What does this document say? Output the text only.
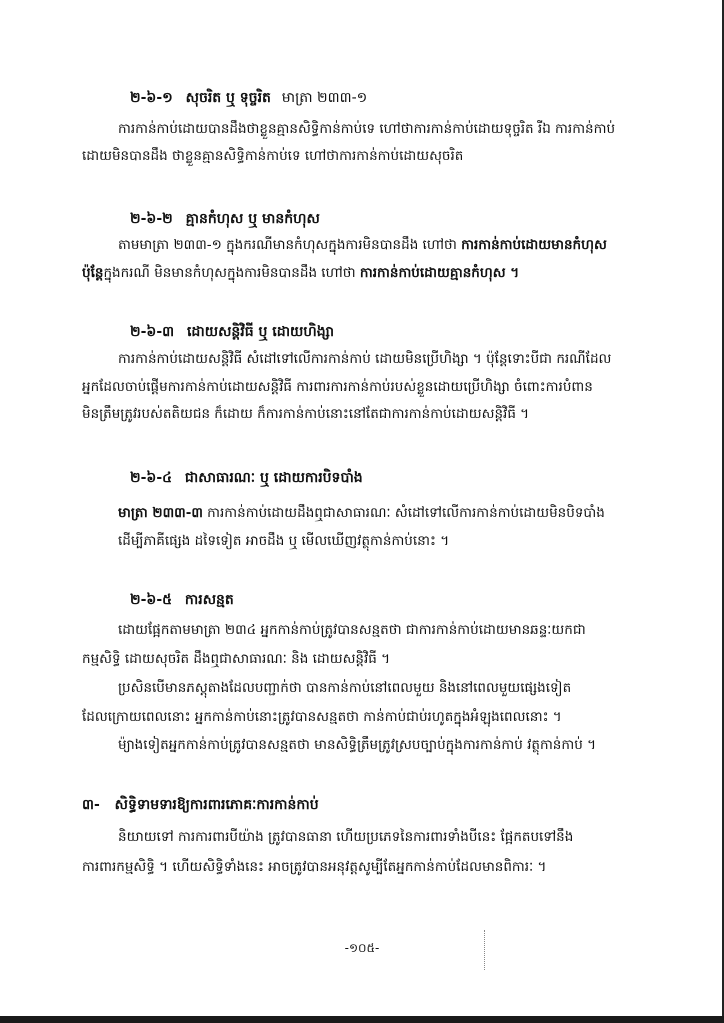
២-៦-១ សុចរិត ឬ ទុច្ចរិត មាត្រា ២៣៣-១
ការកាន់កាប់ដោយបានដឹងថាខ្លួនគ្មានសិទ្ធិកាន់កាប់ទេ ហៅថាការកាន់កាប់ដោយទុច្ចរិត រីឯ ការកាន់កាប់
ដោយមិនបានដឹង ថាខ្លួនគ្មានសិទ្ធិកាន់កាប់ទេ ហៅថាការកាន់កាប់ដោយសុចរិត
២-៦-២ គ្មានកំហុស ឬ មានកំហុស
តាមមាត្រា ២៣៣-១ ក្នុងករណីមានកំហុសក្នុងការមិនបានដឹង ហៅថា ការកាន់កាប់ដោយមានកំហុស
ប៉ុន្តែក្នុងករណី មិនមានកំហុសក្នុងការមិនបានដឹង ហៅថា ការកាន់កាប់ដោយគ្មានកំហុស ។
២-៦-៣ ដោយសន្តិវិធី ឬ ដោយហិង្សា
ការកាន់កាប់ដោយសន្តិវិធី សំដៅទៅលើការកាន់កាប់ ដោយមិនប្រើហិង្សា ។ ប៉ុន្តែទោះបីជា ករណីដែល
អ្នកដែលចាប់ផ្តើមការកាន់កាប់ដោយសន្តិវិធី ការពារការកាន់កាប់របស់ខ្លួនដោយប្រើហិង្សា ចំពោះការបំពាន
មិនត្រឹមត្រូវរបស់តតិយជន ក៏ដោយ ក៏ការកាន់កាប់នោះនៅតែជាការកាន់កាប់ដោយសន្តិវិធី ។
២-៦-៤ ជាសាធារណៈ ឬ ដោយការបិទបាំង
មាត្រា ២៣៣-៣ ការកាន់កាប់ដោយដឹងឮជាសាធារណៈ សំដៅទៅលើការកាន់កាប់ដោយមិនបិទបាំង
ដើម្បីភាគីផ្សេង ដទៃទៀត អាចដឹង ឬ មើលឃើញវត្ថុកាន់កាប់នោះ ។
២-៦-៥ ការសន្មត
ដោយផ្អែកតាមមាត្រា ២៣៤ អ្នកកាន់កាប់ត្រូវបានសន្មតថា ជាការកាន់កាប់ដោយមានឆន្ទៈយកជា
កម្មសិទ្ធិ ដោយសុចរិត ដឹងឮជាសាធារណៈ និង ដោយសន្តិវិធី ។
ប្រសិនបើមានភស្តុតាងដែលបញ្ជាក់ថា បានកាន់កាប់នៅពេលមួយ និងនៅពេលមួយផ្សេងទៀត
ដែលក្រោយពេលនោះ អ្នកកាន់កាប់នោះត្រូវបានសន្មតថា កាន់កាប់ជាប់រហូតក្នុងអំឡុងពេលនោះ ។
ម៉្យាងទៀតអ្នកកាន់កាប់ត្រូវបានសន្មតថា មានសិទ្ធិត្រឹមត្រូវស្របច្បាប់ក្នុងការកាន់កាប់ វត្ថុកាន់កាប់ ។
៣- សិទ្ធិទាមទារឱ្យការពារភោគៈការកាន់កាប់
និយាយទៅ ការការពារបីយ៉ាង ត្រូវបានធានា ហើយប្រភេទនៃការពារទាំងបីនេះ ផ្អែកតបទៅនឹង
ការពារកម្មសិទ្ធិ ។ ហើយសិទ្ធិទាំងនេះ អាចត្រូវបានអនុវត្តសូម្បីតែអ្នកកាន់កាប់ដែលមានពិការៈ ។
-១០៥-
